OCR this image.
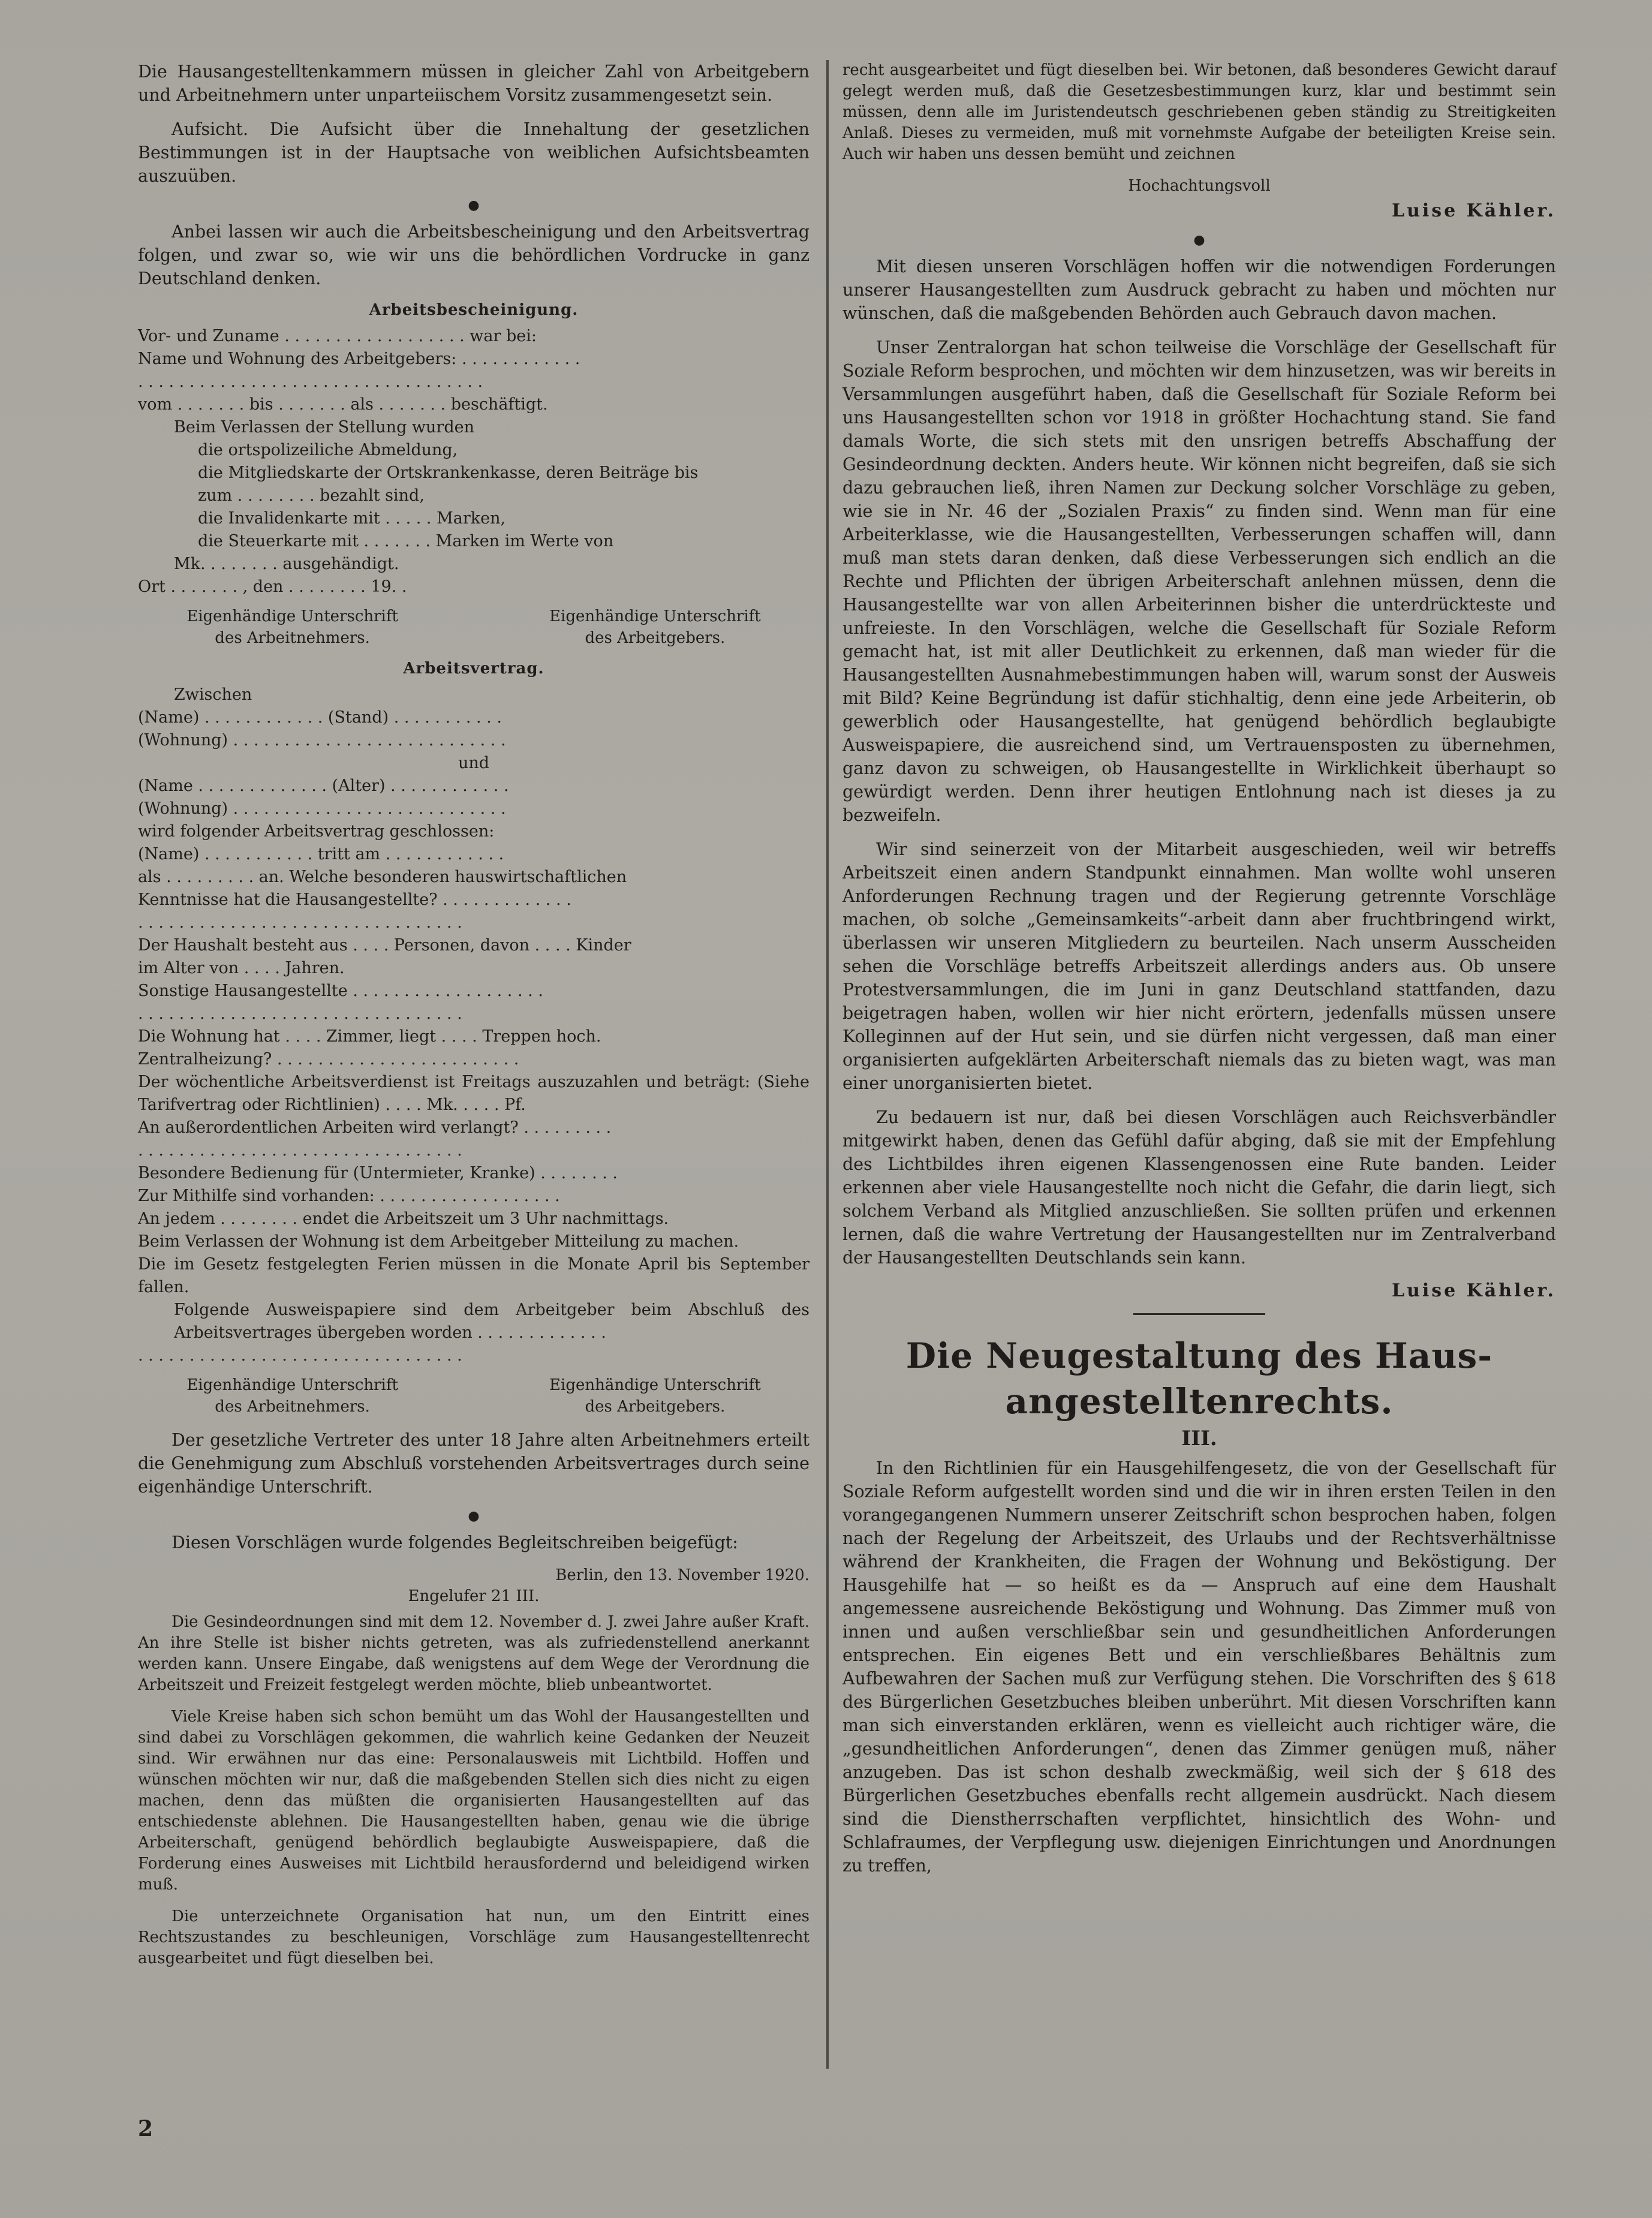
Die Hausangestelltenkammern müssen in gleicher Zahl von Arbeitgebern und Arbeitnehmern unter unparteiischem Vorsitz zusammengesetzt sein.

Aufsicht. Die Aufsicht über die Innehaltung der gesetzlichen Bestimmungen ist in der Hauptsache von weiblichen Aufsichtsbeamten auszuüben.

●

Anbei lassen wir auch die Arbeitsbescheinigung und den Arbeitsvertrag folgen, und zwar so, wie wir uns die behördlichen Vordrucke in ganz Deutschland denken.

Arbeitsbescheinigung.

Vor- und Zuname . . . . . . . . . . . . . . . . . . war bei:

Name und Wohnung des Arbeitgebers: . . . . . . . . . . . .

. . . . . . . . . . . . . . . . . . . . . . . . . . . . . . . . . .

vom . . . . . . . bis . . . . . . . als . . . . . . . beschäftigt.

Beim Verlassen der Stellung wurden

die ortspolizeiliche Abmeldung,

die Mitgliedskarte der Ortskrankenkasse, deren Beiträge bis

zum . . . . . . . . bezahlt sind,

die Invalidenkarte mit . . . . . Marken,

die Steuerkarte mit . . . . . . . Marken im Werte von

Mk. . . . . . . . ausgehändigt.

Ort . . . . . . . , den . . . . . . . . 19. .

Eigenhändige Unterschrift
des Arbeitnehmers.
Eigenhändige Unterschrift
des Arbeitgebers.
Arbeitsvertrag.

Zwischen

(Name) . . . . . . . . . . . . (Stand) . . . . . . . . . . .

(Wohnung) . . . . . . . . . . . . . . . . . . . . . . . . . . .

und

(Name . . . . . . . . . . . . . (Alter) . . . . . . . . . . . .

(Wohnung) . . . . . . . . . . . . . . . . . . . . . . . . . . .

wird folgender Arbeitsvertrag geschlossen:

(Name) . . . . . . . . . . . tritt am . . . . . . . . . . . .

als . . . . . . . . . an. Welche besonderen hauswirtschaftlichen

Kenntnisse hat die Hausangestellte? . . . . . . . . . . . . .

. . . . . . . . . . . . . . . . . . . . . . . . . . . . . . . .

Der Haushalt besteht aus . . . . Personen, davon . . . . Kinder

im Alter von . . . . Jahren.

Sonstige Hausangestellte . . . . . . . . . . . . . . . . . . .

. . . . . . . . . . . . . . . . . . . . . . . . . . . . . . . .

Die Wohnung hat . . . . Zimmer, liegt . . . . Treppen hoch.

Zentralheizung? . . . . . . . . . . . . . . . . . . . . . . . .

Der wöchentliche Arbeitsverdienst ist Freitags auszuzahlen und beträgt: (Siehe Tarifvertrag oder Richtlinien) . . . . Mk. . . . . Pf.

An außerordentlichen Arbeiten wird verlangt? . . . . . . . . .

. . . . . . . . . . . . . . . . . . . . . . . . . . . . . . . .

Besondere Bedienung für (Untermieter, Kranke) . . . . . . . .

Zur Mithilfe sind vorhanden: . . . . . . . . . . . . . . . . . .

An jedem . . . . . . . . endet die Arbeitszeit um 3 Uhr nachmittags.

Beim Verlassen der Wohnung ist dem Arbeitgeber Mitteilung zu machen.

Die im Gesetz festgelegten Ferien müssen in die Monate April bis September fallen.

Folgende Ausweispapiere sind dem Arbeitgeber beim Abschluß des Arbeitsvertrages übergeben worden . . . . . . . . . . . . .

. . . . . . . . . . . . . . . . . . . . . . . . . . . . . . . .

Eigenhändige Unterschrift
des Arbeitnehmers.
Eigenhändige Unterschrift
des Arbeitgebers.

Der gesetzliche Vertreter des unter 18 Jahre alten Arbeitnehmers erteilt die Genehmigung zum Abschluß vorstehenden Arbeitsvertrages durch seine eigenhändige Unterschrift.

●

Diesen Vorschlägen wurde folgendes Begleitschreiben beigefügt:

Berlin, den 13. November 1920.

Engelufer 21 III.

Die Gesindeordnungen sind mit dem 12. November d. J. zwei Jahre außer Kraft. An ihre Stelle ist bisher nichts getreten, was als zufriedenstellend anerkannt werden kann. Unsere Eingabe, daß wenigstens auf dem Wege der Verordnung die Arbeitszeit und Freizeit festgelegt werden möchte, blieb unbeantwortet.

Viele Kreise haben sich schon bemüht um das Wohl der Hausangestellten und sind dabei zu Vorschlägen gekommen, die wahrlich keine Gedanken der Neuzeit sind. Wir erwähnen nur das eine: Personalausweis mit Lichtbild. Hoffen und wünschen möchten wir nur, daß die maßgebenden Stellen sich dies nicht zu eigen machen, denn das müßten die organisierten Hausangestellten auf das entschiedenste ablehnen. Die Hausangestellten haben, genau wie die übrige Arbeiterschaft, genügend behördlich beglaubigte Ausweispapiere, daß die Forderung eines Ausweises mit Lichtbild herausfordernd und beleidigend wirken muß.

Die unterzeichnete Organisation hat nun, um den Eintritt eines Rechtszustandes zu beschleunigen, Vorschläge zum Hausangestelltenrecht ausgearbeitet und fügt dieselben bei.

recht ausgearbeitet und fügt dieselben bei. Wir betonen, daß besonderes Gewicht darauf gelegt werden muß, daß die Gesetzesbestimmungen kurz, klar und bestimmt sein müssen, denn alle im Juristendeutsch geschriebenen geben ständig zu Streitigkeiten Anlaß. Dieses zu vermeiden, muß mit vornehmste Aufgabe der beteiligten Kreise sein. Auch wir haben uns dessen bemüht und zeichnen

Hochachtungsvoll

Luise Kähler.
●

Mit diesen unseren Vorschlägen hoffen wir die notwendigen Forderungen unserer Hausangestellten zum Ausdruck gebracht zu haben und möchten nur wünschen, daß die maßgebenden Behörden auch Gebrauch davon machen.

Unser Zentralorgan hat schon teilweise die Vorschläge der Gesellschaft für Soziale Reform besprochen, und möchten wir dem hinzusetzen, was wir bereits in Versammlungen ausgeführt haben, daß die Gesellschaft für Soziale Reform bei uns Hausangestellten schon vor 1918 in größter Hochachtung stand. Sie fand damals Worte, die sich stets mit den unsrigen betreffs Abschaffung der Gesindeordnung deckten. Anders heute. Wir können nicht begreifen, daß sie sich dazu gebrauchen ließ, ihren Namen zur Deckung solcher Vorschläge zu geben, wie sie in Nr. 46 der „Sozialen Praxis“ zu finden sind. Wenn man für eine Arbeiterklasse, wie die Hausangestellten, Verbesserungen schaffen will, dann muß man stets daran denken, daß diese Verbesserungen sich endlich an die Rechte und Pflichten der übrigen Arbeiterschaft anlehnen müssen, denn die Hausangestellte war von allen Arbeiterinnen bisher die unterdrückteste und unfreieste. In den Vorschlägen, welche die Gesellschaft für Soziale Reform gemacht hat, ist mit aller Deutlichkeit zu erkennen, daß man wieder für die Hausangestellten Ausnahmebestimmungen haben will, warum sonst der Ausweis mit Bild? Keine Begründung ist dafür stichhaltig, denn eine jede Arbeiterin, ob gewerblich oder Hausangestellte, hat genügend behördlich beglaubigte Ausweispapiere, die ausreichend sind, um Vertrauensposten zu übernehmen, ganz davon zu schweigen, ob Hausangestellte in Wirklichkeit überhaupt so gewürdigt werden. Denn ihrer heutigen Entlohnung nach ist dieses ja zu bezweifeln.

Wir sind seinerzeit von der Mitarbeit ausgeschieden, weil wir betreffs Arbeitszeit einen andern Standpunkt einnahmen. Man wollte wohl unseren Anforderungen Rechnung tragen und der Regierung getrennte Vorschläge machen, ob solche „Gemeinsamkeits“-arbeit dann aber fruchtbringend wirkt, überlassen wir unseren Mitgliedern zu beurteilen. Nach unserm Ausscheiden sehen die Vorschläge betreffs Arbeitszeit allerdings anders aus. Ob unsere Protestversammlungen, die im Juni in ganz Deutschland stattfanden, dazu beigetragen haben, wollen wir hier nicht erörtern, jedenfalls müssen unsere Kolleginnen auf der Hut sein, und sie dürfen nicht vergessen, daß man einer organisierten aufgeklärten Arbeiterschaft niemals das zu bieten wagt, was man einer unorganisierten bietet.

Zu bedauern ist nur, daß bei diesen Vorschlägen auch Reichsverbändler mitgewirkt haben, denen das Gefühl dafür abging, daß sie mit der Empfehlung des Lichtbildes ihren eigenen Klassengenossen eine Rute banden. Leider erkennen aber viele Hausangestellte noch nicht die Gefahr, die darin liegt, sich solchem Verband als Mitglied anzuschließen. Sie sollten prüfen und erkennen lernen, daß die wahre Vertretung der Hausangestellten nur im Zentralverband der Hausangestellten Deutschlands sein kann.

Luise Kähler.
Die Neugestaltung des Haus-
angestelltenrechts.
III.

In den Richtlinien für ein Hausgehilfengesetz, die von der Gesellschaft für Soziale Reform aufgestellt worden sind und die wir in ihren ersten Teilen in den vorangegangenen Nummern unserer Zeitschrift schon besprochen haben, folgen nach der Regelung der Arbeitszeit, des Urlaubs und der Rechtsverhältnisse während der Krankheiten, die Fragen der Wohnung und Beköstigung. Der Hausgehilfe hat — so heißt es da — Anspruch auf eine dem Haushalt angemessene ausreichende Beköstigung und Wohnung. Das Zimmer muß von innen und außen verschließbar sein und gesundheitlichen Anforderungen entsprechen. Ein eigenes Bett und ein verschließbares Behältnis zum Aufbewahren der Sachen muß zur Verfügung stehen. Die Vorschriften des § 618 des Bürgerlichen Gesetzbuches bleiben unberührt. Mit diesen Vorschriften kann man sich einverstanden erklären, wenn es vielleicht auch richtiger wäre, die „gesundheitlichen Anforderungen“, denen das Zimmer genügen muß, näher anzugeben. Das ist schon deshalb zweckmäßig, weil sich der § 618 des Bürgerlichen Gesetzbuches ebenfalls recht allgemein ausdrückt. Nach diesem sind die Dienstherrschaften verpflichtet, hinsichtlich des Wohn- und Schlafraumes, der Verpflegung usw. diejenigen Einrichtungen und Anordnungen zu treffen,

2
